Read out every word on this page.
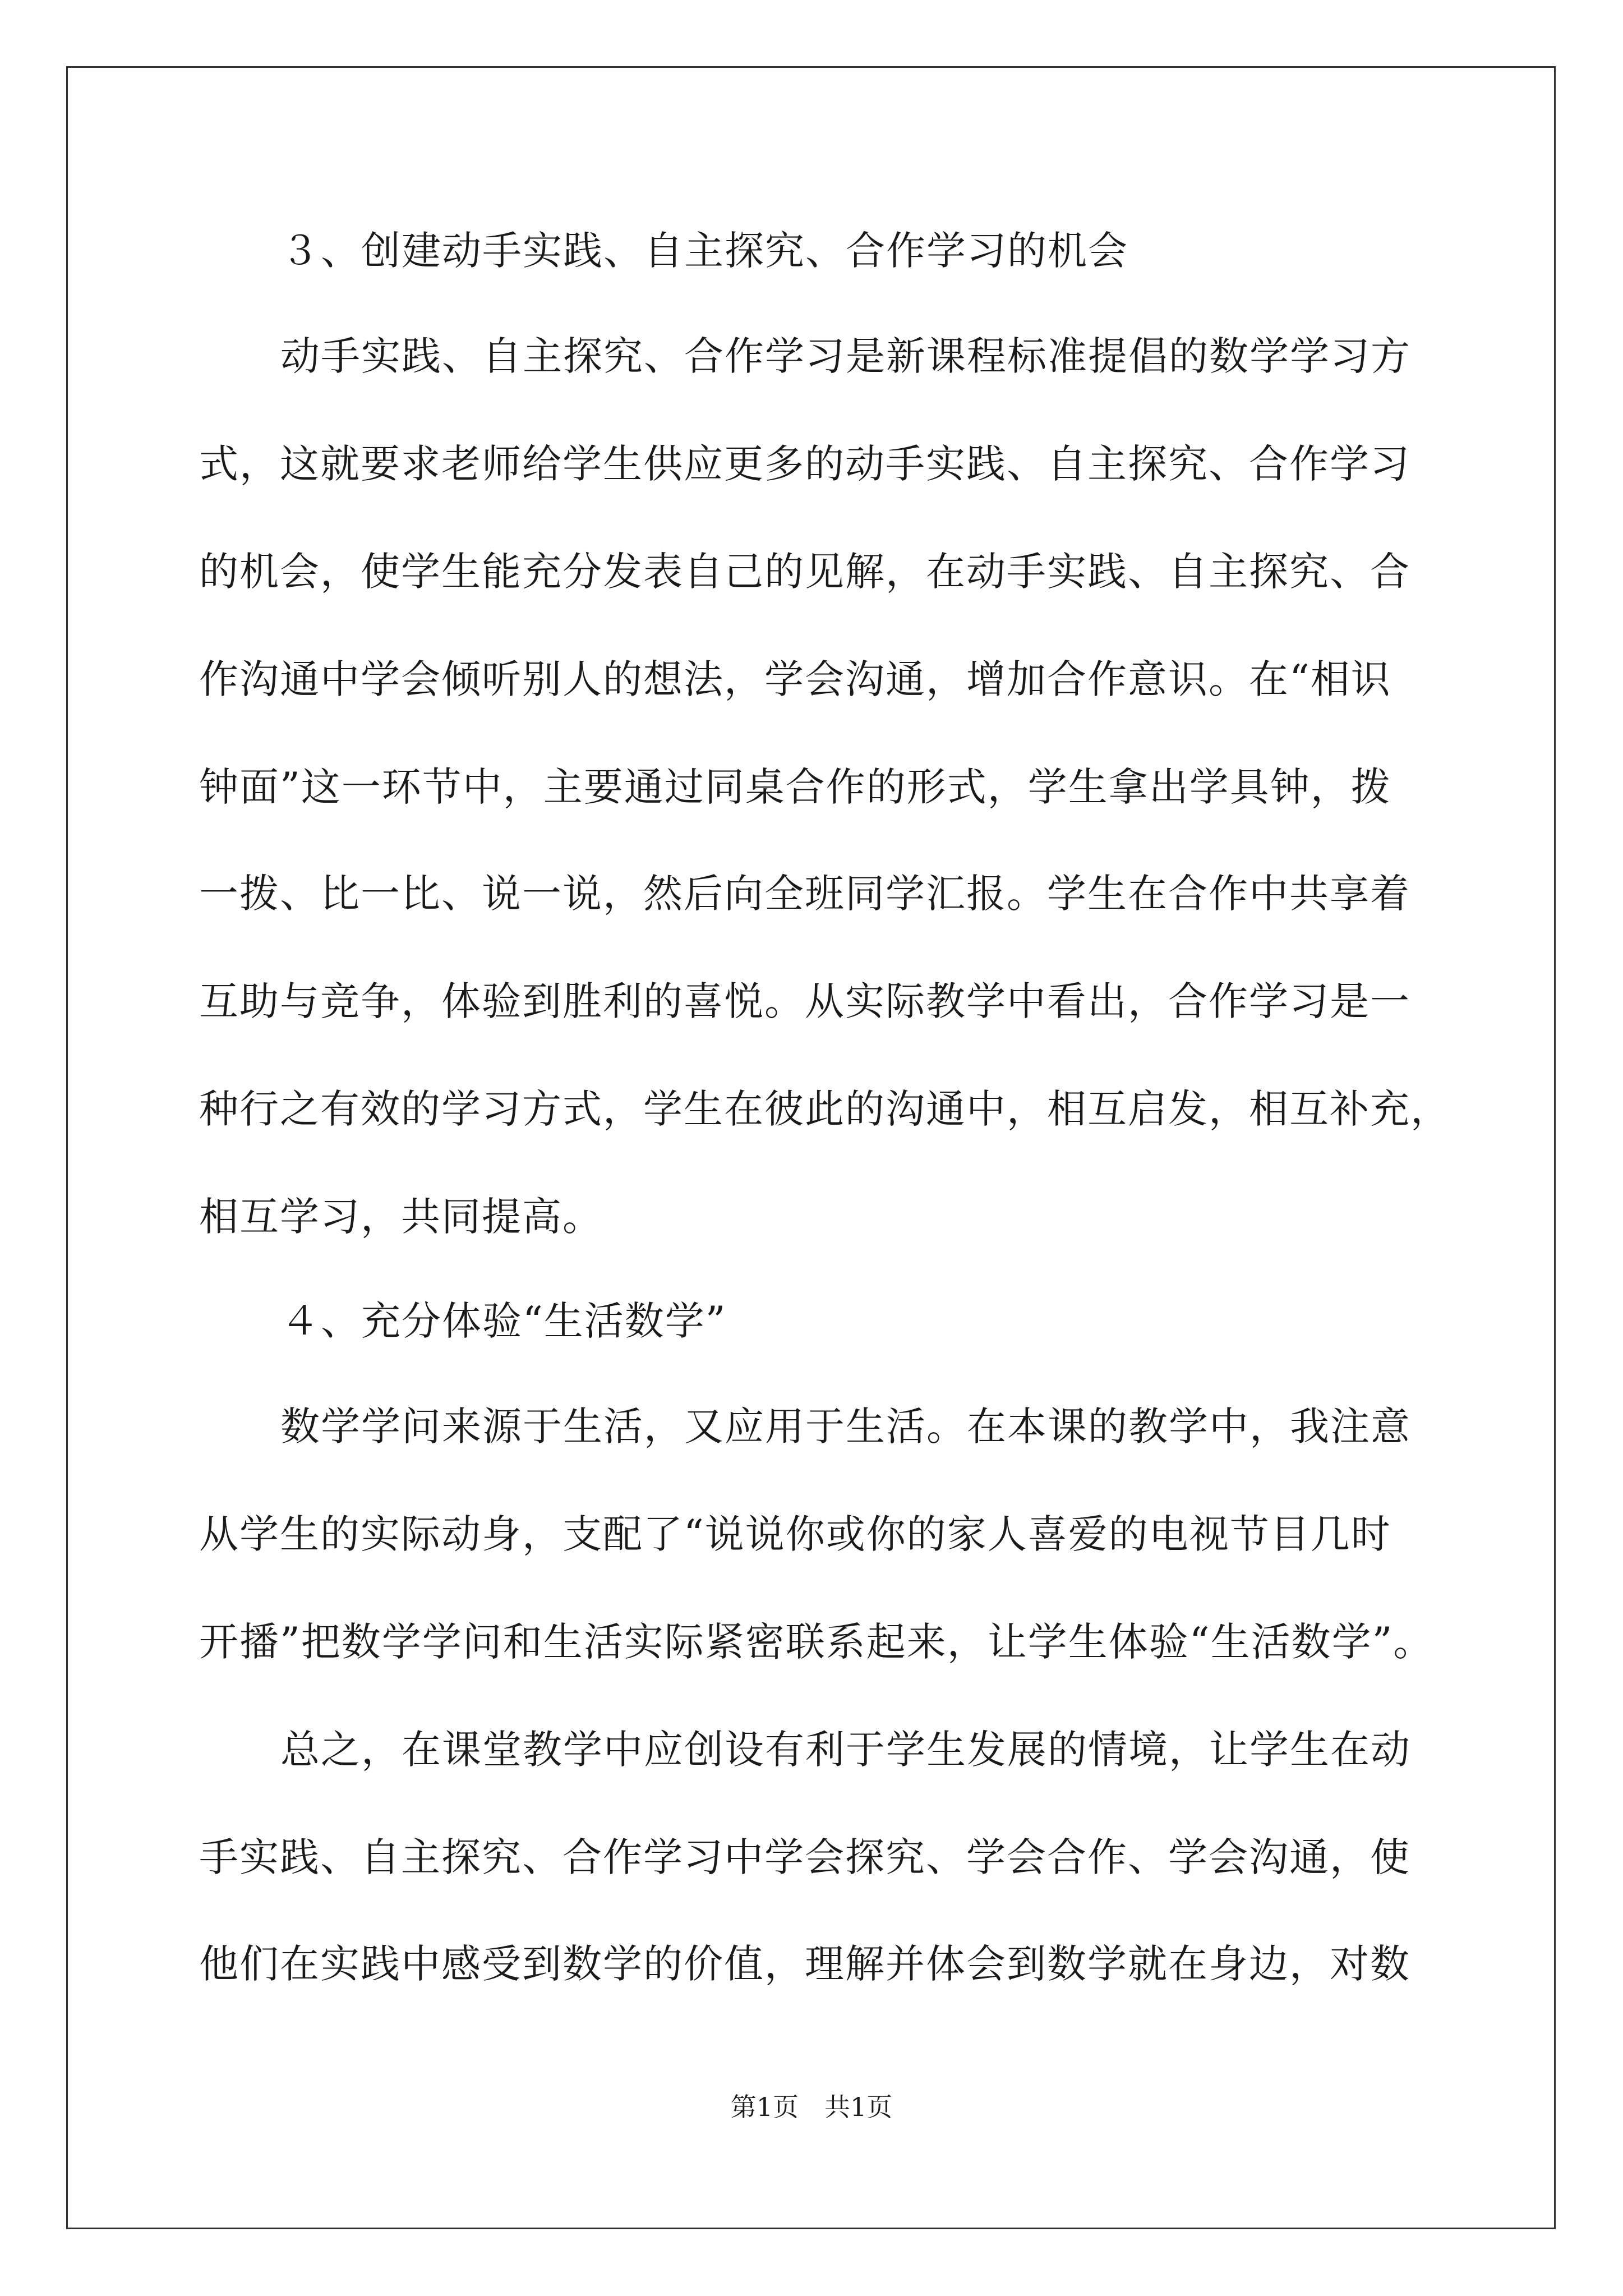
３、创建动手实践、自主探究、合作学习的机会
动手实践、自主探究、合作学习是新课程标准提倡的数学学习方
式，这就要求老师给学生供应更多的动手实践、自主探究、合作学习
的机会，使学生能充分发表自己的见解，在动手实践、自主探究、合
作沟通中学会倾听别人的想法，学会沟通，增加合作意识。在“相识
钟面”这一环节中，主要通过同桌合作的形式，学生拿出学具钟，拨
一拨、比一比、说一说，然后向全班同学汇报。学生在合作中共享着
互助与竞争，体验到胜利的喜悦。从实际教学中看出，合作学习是一
种行之有效的学习方式，学生在彼此的沟通中，相互启发，相互补充，
相互学习，共同提高。
４、充分体验“生活数学”
数学学问来源于生活，又应用于生活。在本课的教学中，我注意
从学生的实际动身，支配了“说说你或你的家人喜爱的电视节目几时
开播”把数学学问和生活实际紧密联系起来，让学生体验“生活数学”。
总之，在课堂教学中应创设有利于学生发展的情境，让学生在动
手实践、自主探究、合作学习中学会探究、学会合作、学会沟通，使
他们在实践中感受到数学的价值，理解并体会到数学就在身边，对数
第1页　共1页
